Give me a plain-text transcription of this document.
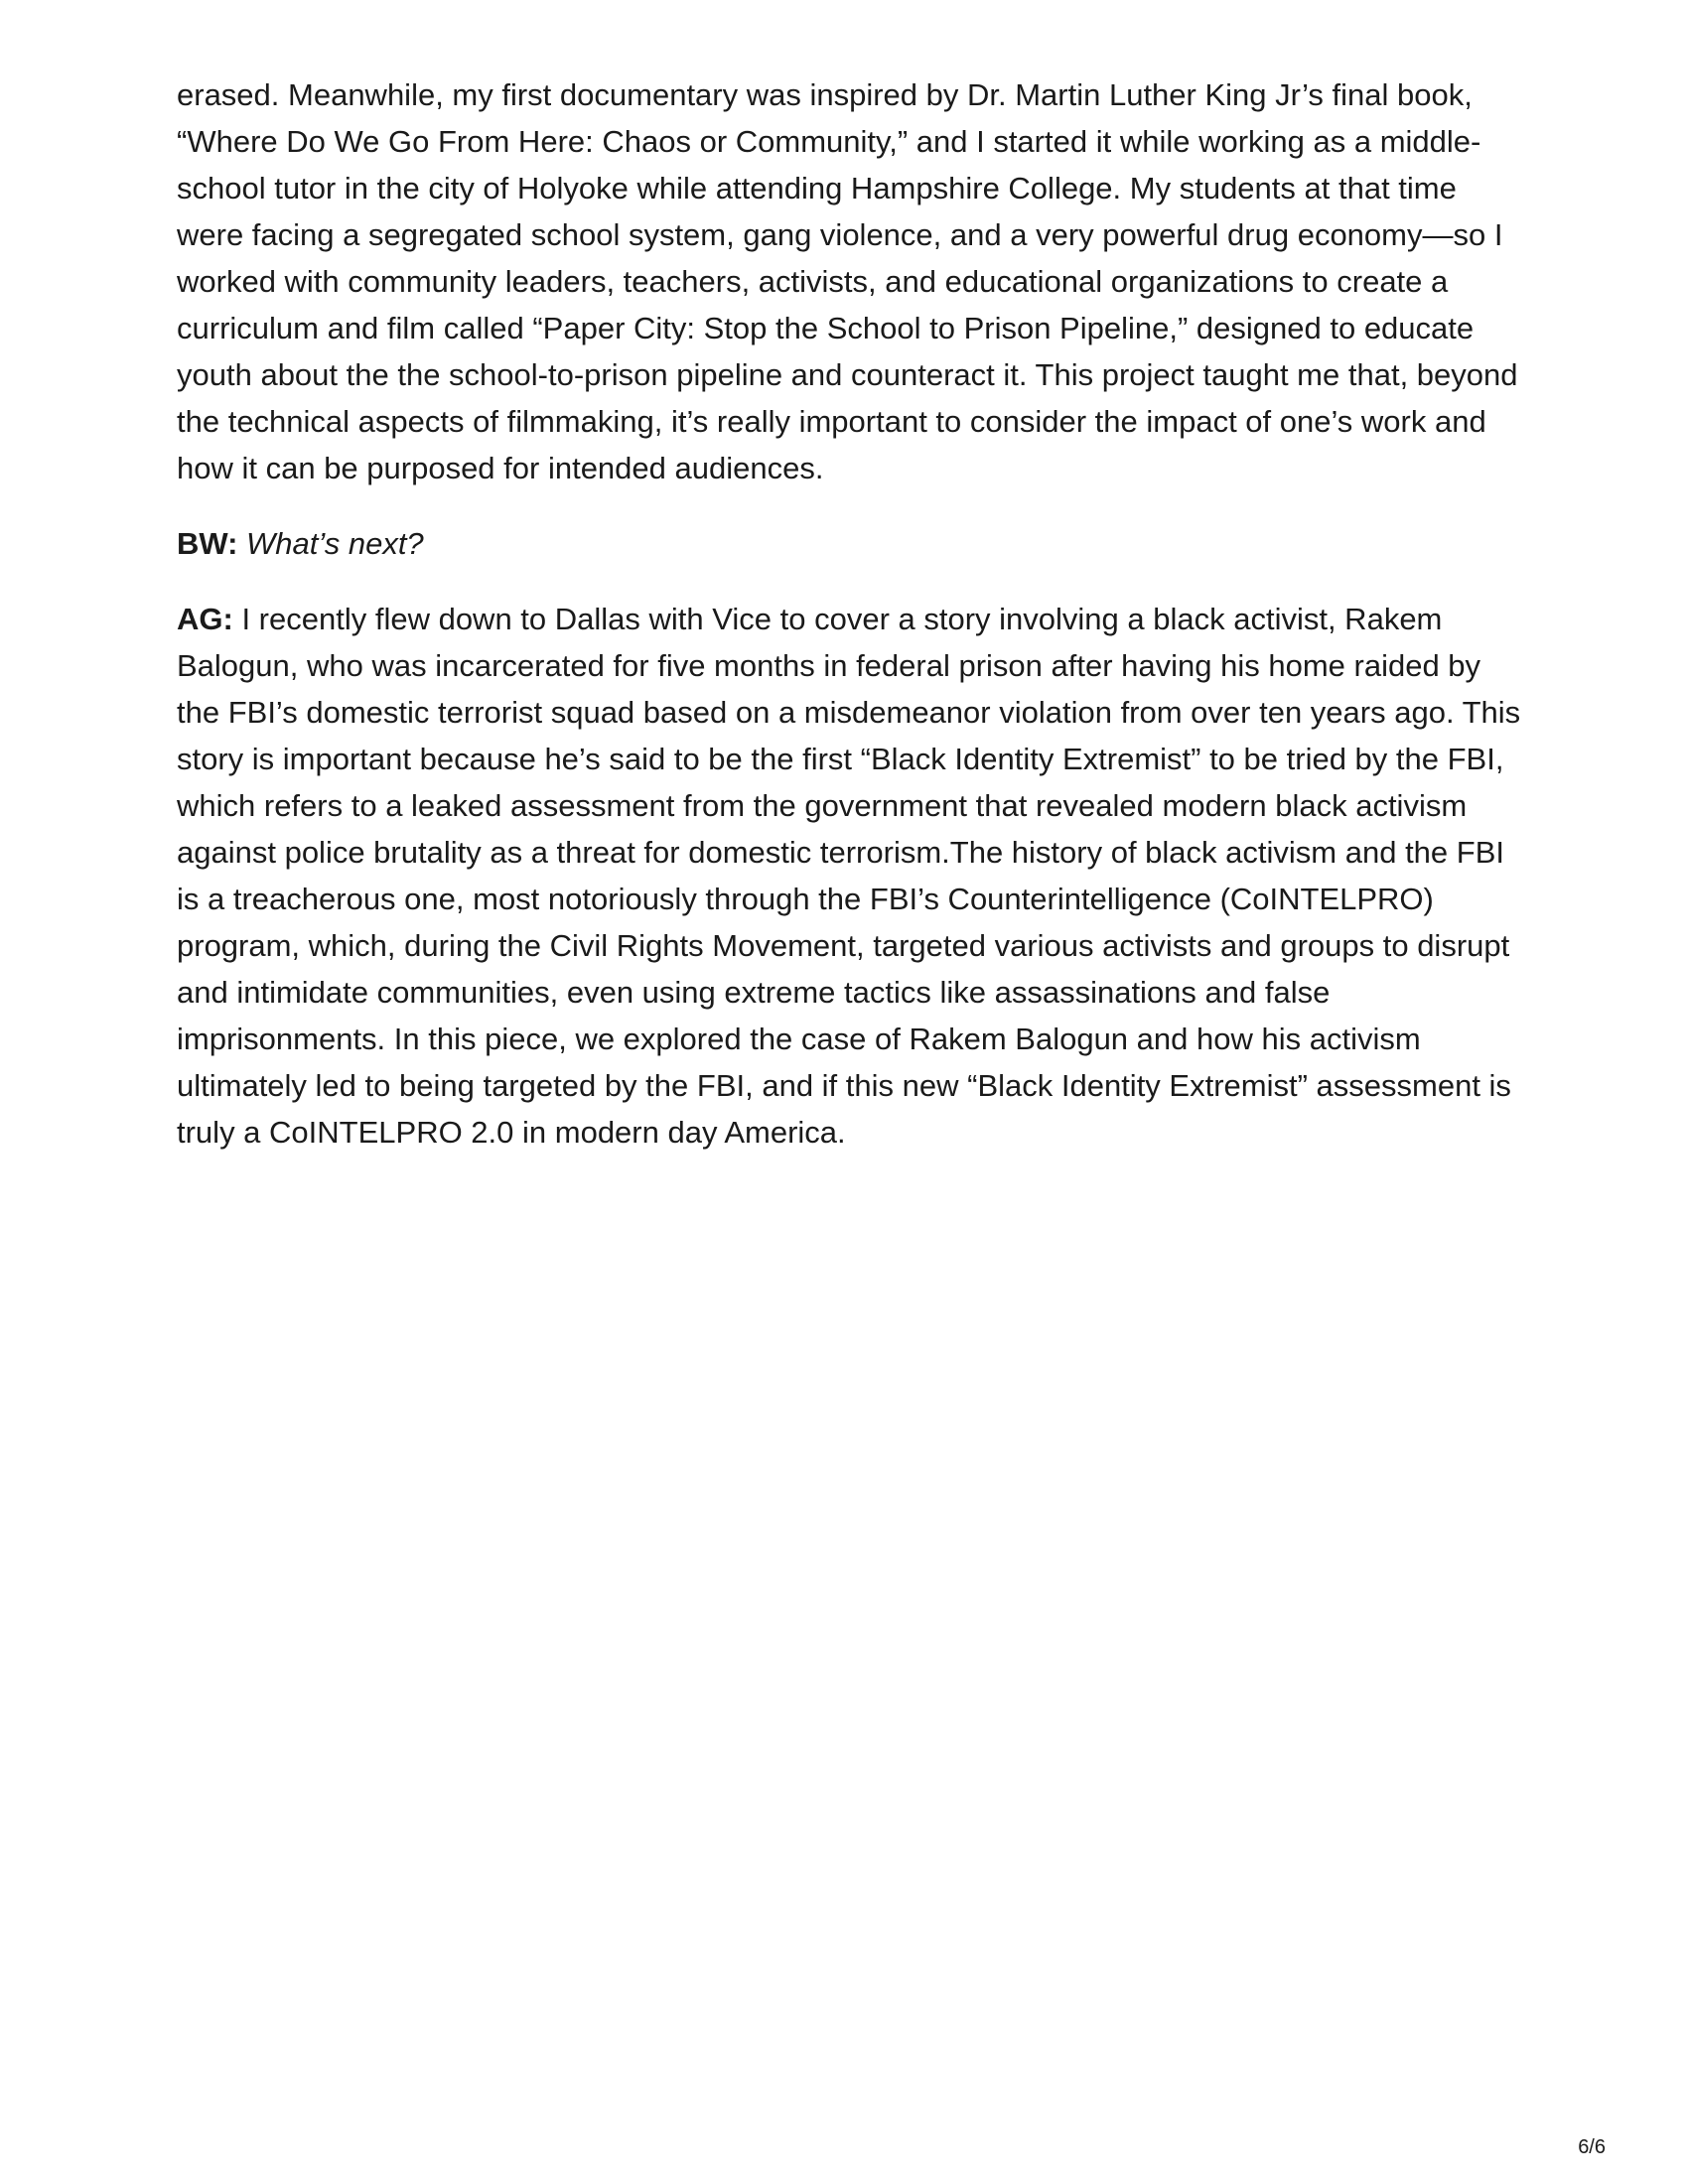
erased. Meanwhile, my first documentary was inspired by Dr. Martin Luther King Jr’s final book, “Where Do We Go From Here: Chaos or Community,” and I started it while working as a middle-school tutor in the city of Holyoke while attending Hampshire College. My students at that time were facing a segregated school system, gang violence, and a very powerful drug economy—so I worked with community leaders, teachers, activists, and educational organizations to create a curriculum and film called “Paper City: Stop the School to Prison Pipeline,” designed to educate youth about the the school-to-prison pipeline and counteract it. This project taught me that, beyond the technical aspects of filmmaking, it’s really important to consider the impact of one’s work and how it can be purposed for intended audiences.

BW: What’s next?

AG: I recently flew down to Dallas with Vice to cover a story involving a black activist, Rakem Balogun, who was incarcerated for five months in federal prison after having his home raided by the FBI’s domestic terrorist squad based on a misdemeanor violation from over ten years ago. This story is important because he’s said to be the first “Black Identity Extremist” to be tried by the FBI, which refers to a leaked assessment from the government that revealed modern black activism against police brutality as a threat for domestic terrorism.The history of black activism and the FBI is a treacherous one, most notoriously through the FBI’s Counterintelligence (CoINTELPRO) program, which, during the Civil Rights Movement, targeted various activists and groups to disrupt and intimidate communities, even using extreme tactics like assassinations and false imprisonments. In this piece, we explored the case of Rakem Balogun and how his activism ultimately led to being targeted by the FBI, and if this new “Black Identity Extremist” assessment is truly a CoINTELPRO 2.0 in modern day America.

6/6
